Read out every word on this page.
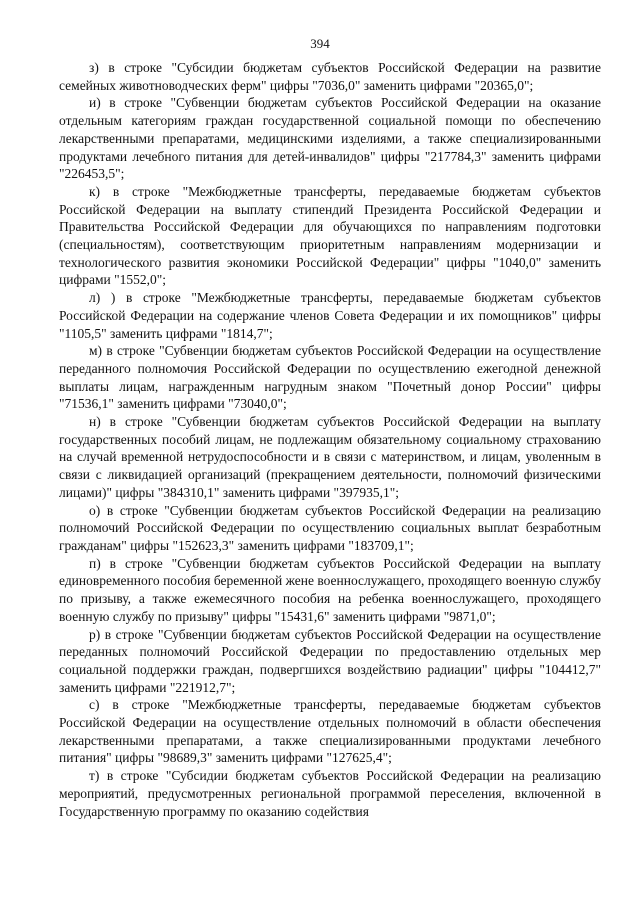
394

з) в строке "Субсидии бюджетам субъектов Российской Федерации на развитие семейных животноводческих ферм" цифры "7036,0" заменить цифрами "20365,0";

и) в строке "Субвенции бюджетам субъектов Российской Федерации на оказание отдельным категориям граждан государственной социальной помощи по обеспечению лекарственными препаратами, медицинскими изделиями, а также специализированными продуктами лечебного питания для детей-инвалидов" цифры "217784,3" заменить цифрами "226453,5";

к) в строке "Межбюджетные трансферты, передаваемые бюджетам субъектов Российской Федерации на выплату стипендий Президента Российской Федерации и Правительства Российской Федерации для обучающихся по направлениям подготовки (специальностям), соответствующим приоритетным направлениям модернизации и технологического развития экономики Российской Федерации" цифры "1040,0" заменить цифрами "1552,0";

л) ) в строке "Межбюджетные трансферты, передаваемые бюджетам субъектов Российской Федерации на содержание членов Совета Федерации и их помощников" цифры "1105,5" заменить цифрами "1814,7";

м) в строке "Субвенции бюджетам субъектов Российской Федерации на осуществление переданного полномочия Российской Федерации по осуществлению ежегодной денежной выплаты лицам, награжденным нагрудным знаком "Почетный донор России" цифры "71536,1" заменить цифрами "73040,0";

н) в строке "Субвенции бюджетам субъектов Российской Федерации на выплату государственных пособий лицам, не подлежащим обязательному социальному страхованию на случай временной нетрудоспособности и в связи с материнством, и лицам, уволенным в связи с ликвидацией организаций (прекращением деятельности, полномочий физическими лицами)" цифры "384310,1" заменить цифрами "397935,1";

о) в строке "Субвенции бюджетам субъектов Российской Федерации на реализацию полномочий Российской Федерации по осуществлению социальных выплат безработным гражданам" цифры "152623,3" заменить цифрами "183709,1";

п) в строке "Субвенции бюджетам субъектов Российской Федерации на выплату единовременного пособия беременной жене военнослужащего, проходящего военную службу по призыву, а также ежемесячного пособия на ребенка военнослужащего, проходящего военную службу по призыву" цифры "15431,6" заменить цифрами "9871,0";

р) в строке "Субвенции бюджетам субъектов Российской Федерации на осуществление переданных полномочий Российской Федерации по предоставлению отдельных мер социальной поддержки граждан, подвергшихся воздействию радиации" цифры "104412,7" заменить цифрами "221912,7";

с) в строке "Межбюджетные трансферты, передаваемые бюджетам субъектов Российской Федерации на осуществление отдельных полномочий в области обеспечения лекарственными препаратами, а также специализированными продуктами лечебного питания" цифры "98689,3" заменить цифрами "127625,4";

т) в строке "Субсидии бюджетам субъектов Российской Федерации на реализацию мероприятий, предусмотренных региональной программой переселения, включенной в Государственную программу по оказанию содействия
